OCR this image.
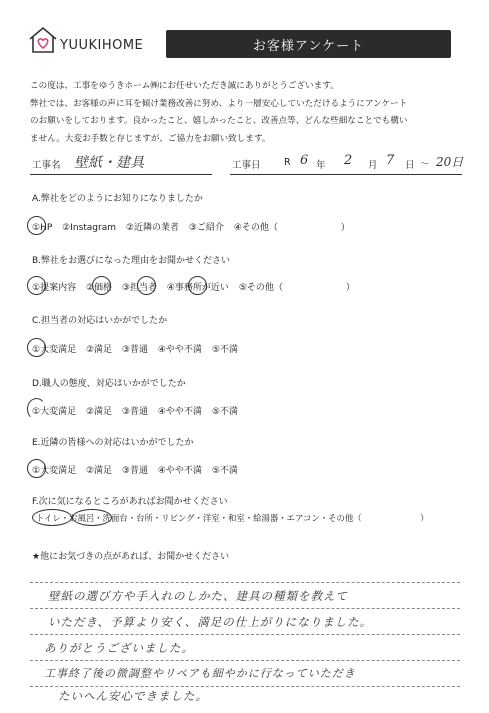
YUUKIHOME	お客様アンケート
この度は、工事をゆうきホーム㈱にお任せいただき誠にありがとうございます。
弊社では、お客様の声に耳を傾け業務改善に努め、より一層安心していただけるようにアンケート
のお願いをしております。良かったこと、嬉しかったこと、改善点等、どんな些細なことでも構い
ません。大変お手数と存じますが、ご協力をお願い致します。
工事名 壁紙・建具	工事日 R 6 年 2 月 7 日 ～ 20日
A.弊社をどのようにお知りになりましたか
①HP ②Instagram ②近隣の業者 ③ご紹介 ④その他（　　　　　　　）
B.弊社をお選びになった理由をお聞かせください
①提案内容 ②価格 ③担当者 ④事務所が近い ⑤その他（　　　　　　　）
C.担当者の対応はいかがでしたか
①大変満足 ②満足 ③普通 ④やや不満 ⑤不満
D.職人の態度、対応はいかがでしたか
①大変満足 ②満足 ③普通 ④やや不満 ⑤不満
E.近隣の皆様への対応はいかがでしたか
①大変満足 ②満足 ③普通 ④やや不満 ⑤不満
F.次に気になるところがあればお聞かせください
トイレ・お風呂・洗面台・台所・リビング・洋室・和室・給湯器・エアコン・その他（　　　　　　　）
★他にお気づきの点があれば、お聞かせください
壁紙の選び方や手入れのしかた、建具の種類を教えて
いただき、予算より安く、満足の仕上がりになりました。
ありがとうございました。
工事終了後の微調整やリペアも細やかに行なっていただき
たいへん安心できました。
